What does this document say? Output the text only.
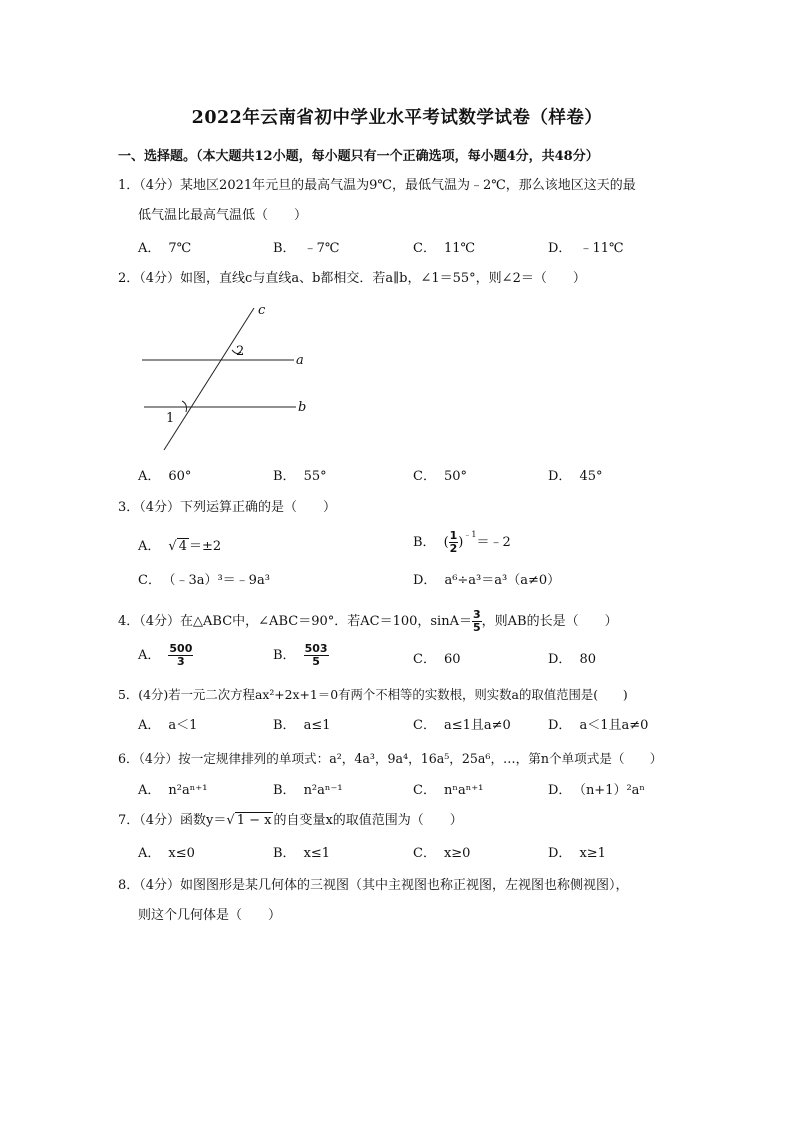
2022年云南省初中学业水平考试数学试卷（样卷）
一、选择题。（本大题共12小题，每小题只有一个正确选项，每小题4分，共48分）
1．（4分）某地区2021年元旦的最高气温为9℃，最低气温为﹣2℃，那么该地区这天的最
低气温比最高气温低（　　）
A． 7℃	B． ﹣7℃	C． 11℃	D． ﹣11℃
2．（4分）如图，直线c与直线a、b都相交．若a∥b，∠1＝55°，则∠2＝（　　）
c
a
b
2
1
A． 60°	B． 55°	C． 50°	D． 45°
3．（4分）下列运算正确的是（　　）
A． √ 4 ＝±2	B． ( $\frac{1}{2}$ )$^{﹣1}$＝﹣2
C． （﹣3a）³＝﹣9a³	D． a⁶÷a³＝a³（a≠0）
4．（4分）在△ABC中，∠ABC＝90°．若AC＝100，$\sin A= \frac{3}{5}$ ，则AB的长是（　　）
A． $\frac{500}{3}$	B． $\frac{503}{5}$	C． 60	D． 80
5．(4分)若一元二次方程ax²+2x+1＝0有两个不相等的实数根，则实数a的取值范围是(　　)
A． a＜1	B． a≤1	C． a≤1且a≠0	D． a＜1且a≠0
6．（4分）按一定规律排列的单项式：a²，4a³，9a⁴，16a⁵，25a⁶，…，第n个单项式是（　　）
A． n²aⁿ⁺¹	B． n²aⁿ⁻¹	C． nⁿaⁿ⁺¹	D． （n+1）²aⁿ
7．（4分）函数y＝√ 1 − x 的自变量x的取值范围为（　　）
A． x≤0	B． x≤1	C． x≥0	D． x≥1
8．（4分）如图图形是某几何体的三视图（其中主视图也称正视图，左视图也称侧视图），
则这个几何体是（　　）
